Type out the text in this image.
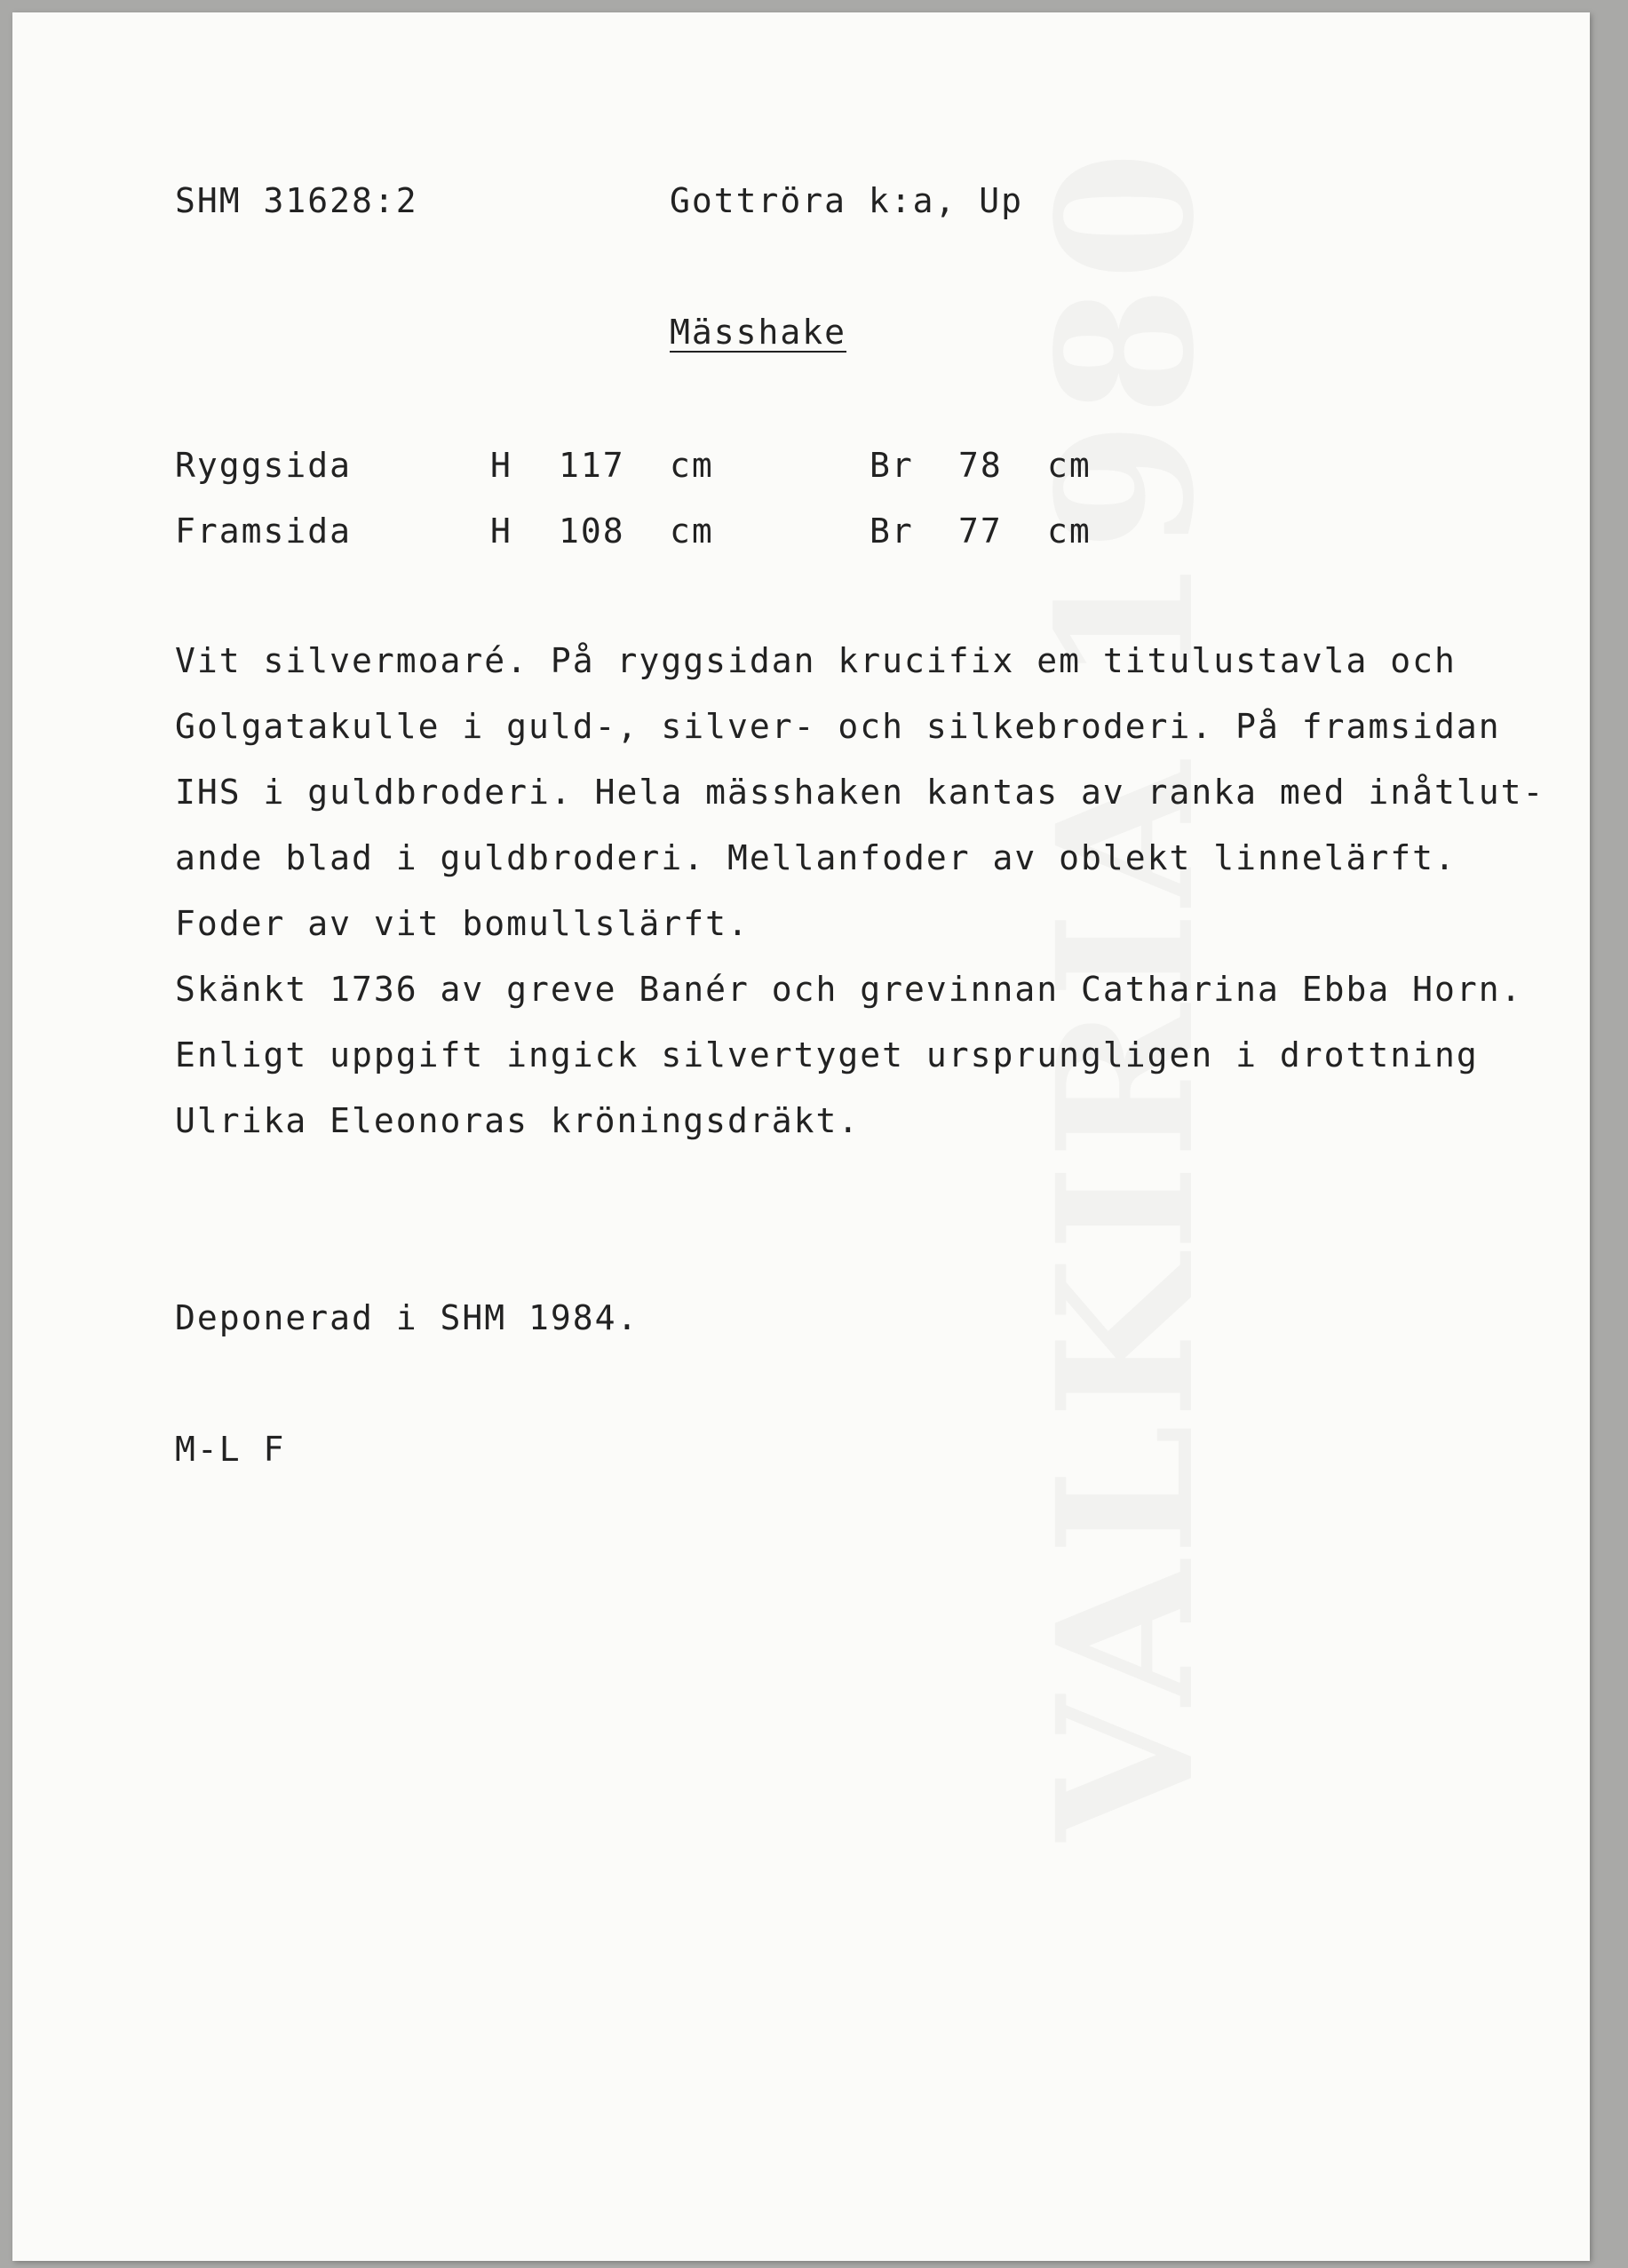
SHM 31628:2	Gottröra k:a, Up
Mässhake
Ryggsida	H 117 cm	Br 78 cm
Framsida	H 108 cm	Br 77 cm
Vit silvermoaré. På ryggsidan krucifix em titulustavla och
Golgatakulle i guld-, silver- och silkebroderi. På framsidan
IHS i guldbroderi. Hela mässhaken kantas av ranka med inåtlut-
ande blad i guldbroderi. Mellanfoder av oblekt linnelärft.
Foder av vit bomullslärft.
Skänkt 1736 av greve Banér och grevinnan Catharina Ebba Horn.
Enligt uppgift ingick silvertyget ursprungligen i drottning
Ulrika Eleonoras kröningsdräkt.
Deponerad i SHM 1984.
M-L F
